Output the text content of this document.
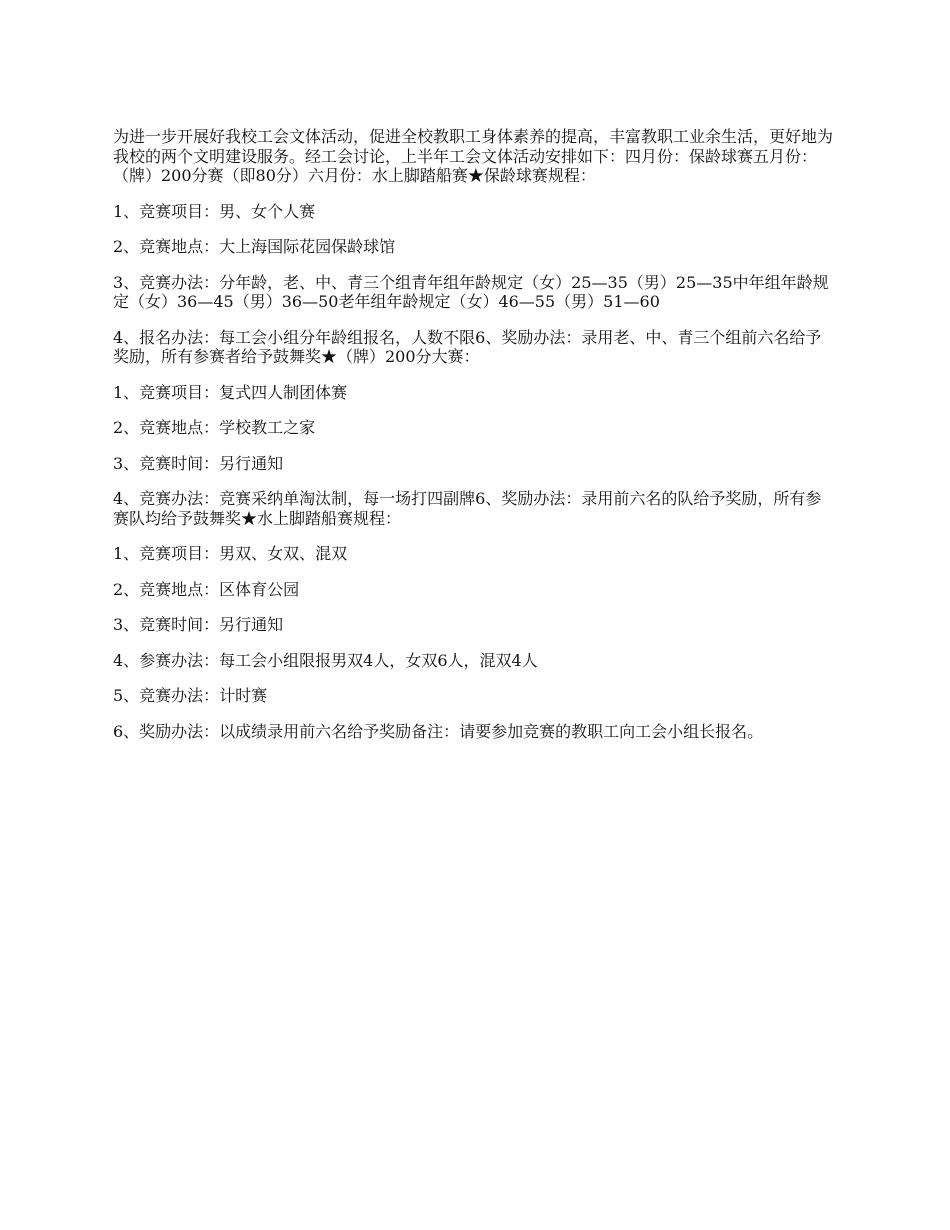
为进一步开展好我校工会文体活动，促进全校教职工身体素养的提高，丰富教职工业余生活，更好地为我校的两个文明建设服务。经工会讨论，上半年工会文体活动安排如下：四月份：保龄球赛五月份：（牌）200分赛（即80分）六月份：水上脚踏船赛★保龄球赛规程：

1、竞赛项目：男、女个人赛

2、竞赛地点：大上海国际花园保龄球馆

3、竞赛办法：分年龄，老、中、青三个组青年组年龄规定（女）25—35（男）25—35中年组年龄规定（女）36—45（男）36—50老年组年龄规定（女）46—55（男）51—60

4、报名办法：每工会小组分年龄组报名，人数不限6、奖励办法：录用老、中、青三个组前六名给予奖励，所有参赛者给予鼓舞奖★（牌）200分大赛：

1、竞赛项目：复式四人制团体赛

2、竞赛地点：学校教工之家

3、竞赛时间：另行通知

4、竞赛办法：竞赛采纳单淘汰制，每一场打四副牌6、奖励办法：录用前六名的队给予奖励，所有参赛队均给予鼓舞奖★水上脚踏船赛规程：

1、竞赛项目：男双、女双、混双

2、竞赛地点：区体育公园

3、竞赛时间：另行通知

4、参赛办法：每工会小组限报男双4人，女双6人，混双4人

5、竞赛办法：计时赛

6、奖励办法：以成绩录用前六名给予奖励备注：请要参加竞赛的教职工向工会小组长报名。
